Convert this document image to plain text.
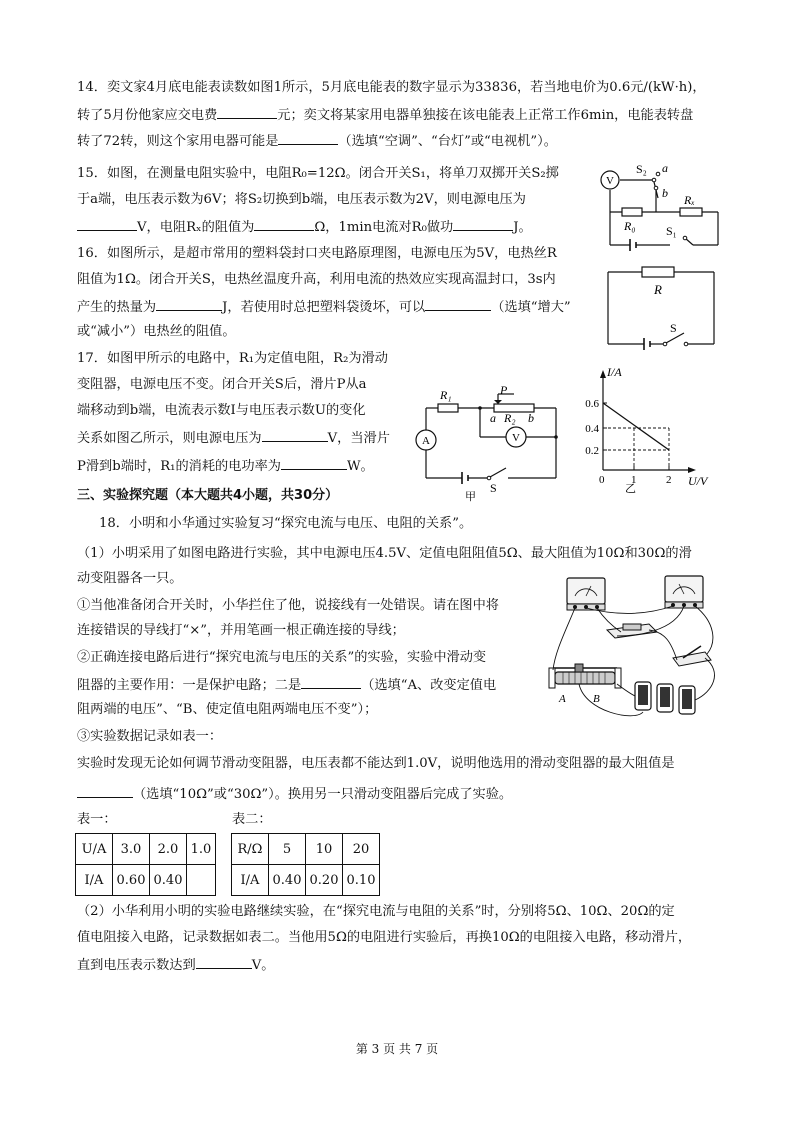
14．奕文家4月底电能表读数如图1所示，5月底电能表的数字显示为33836，若当地电价为0.6元/(kW·h)，
转了5月份他家应交电费	元；奕文将某家用电器单独接在该电能表上正常工作6min，电能表转盘
转了72转，则这个家用电器可能是	（选填“空调”、“台灯”或“电视机”）。
15．如图，在测量电阻实验中，电阻R₀=12Ω。闭合开关S₁，将单刀双掷开关S₂掷
于a端，电压表示数为6V；将S₂切换到b端，电压表示数为2V，则电源电压为
V，电阻Rₓ的阻值为	Ω，1min电流对R₀做功	J。
V
S₂ a
b Rₓ
R₀	S₁
16．如图所示，是超市常用的塑料袋封口夹电路原理图，电源电压为5V，电热丝R
阻值为1Ω。闭合开关S，电热丝温度升高，利用电流的热效应实现高温封口，3s内
产生的热量为	J，若使用时总把塑料袋烫坏，可以	（选填“增大”
或“减小”）电热丝的阻值。
R
S
17．如图甲所示的电路中，R₁为定值电阻，R₂为滑动
变阻器，电源电压不变。闭合开关S后，滑片P从a
端移动到b端，电流表示数I与电压表示数U的变化
关系如图乙所示，则电源电压为	V，当滑片
P滑到b端时，R₁的消耗的电功率为	W。
R₁	P
R₂
a	b
A	V
S
甲
I/A
0.6
0.4
0.2
0 1	2 U/V
乙
三、实验探究题（本大题共4小题，共30分）
18．小明和小华通过实验复习“探究电流与电压、电阻的关系”。
（1）小明采用了如图电路进行实验，其中电源电压4.5V、定值电阻阻值5Ω、最大阻值为10Ω和30Ω的滑
动变阻器各一只。
①当他准备闭合开关时，小华拦住了他，说接线有一处错误。请在图中将
连接错误的导线打“×”，并用笔画一根正确连接的导线；
②正确连接电路后进行“探究电流与电压的关系”的实验，实验中滑动变
阻器的主要作用：一是保护电路；二是	（选填“A、改变定值电
阻两端的电压”、“B、使定值电阻两端电压不变”）；
③实验数据记录如表一：
实验时发现无论如何调节滑动变阻器，电压表都不能达到1.0V，说明他选用的滑动变阻器的最大阻值是
（选填“10Ω”或“30Ω”）。换用另一只滑动变阻器后完成了实验。
A B
表一：	表二：
U/A	3.0	2.0	1.0
I/A	0.60	0.40	
R/Ω	5	10	20
I/A	0.40	0.20	0.10
（2）小华利用小明的实验电路继续实验，在“探究电流与电阻的关系”时，分别将5Ω、10Ω、20Ω的定
值电阻接入电路，记录数据如表二。当他用5Ω的电阻进行实验后，再换10Ω的电阻接入电路，移动滑片，
直到电压表示数达到	V。
第 3 页 共 7 页
